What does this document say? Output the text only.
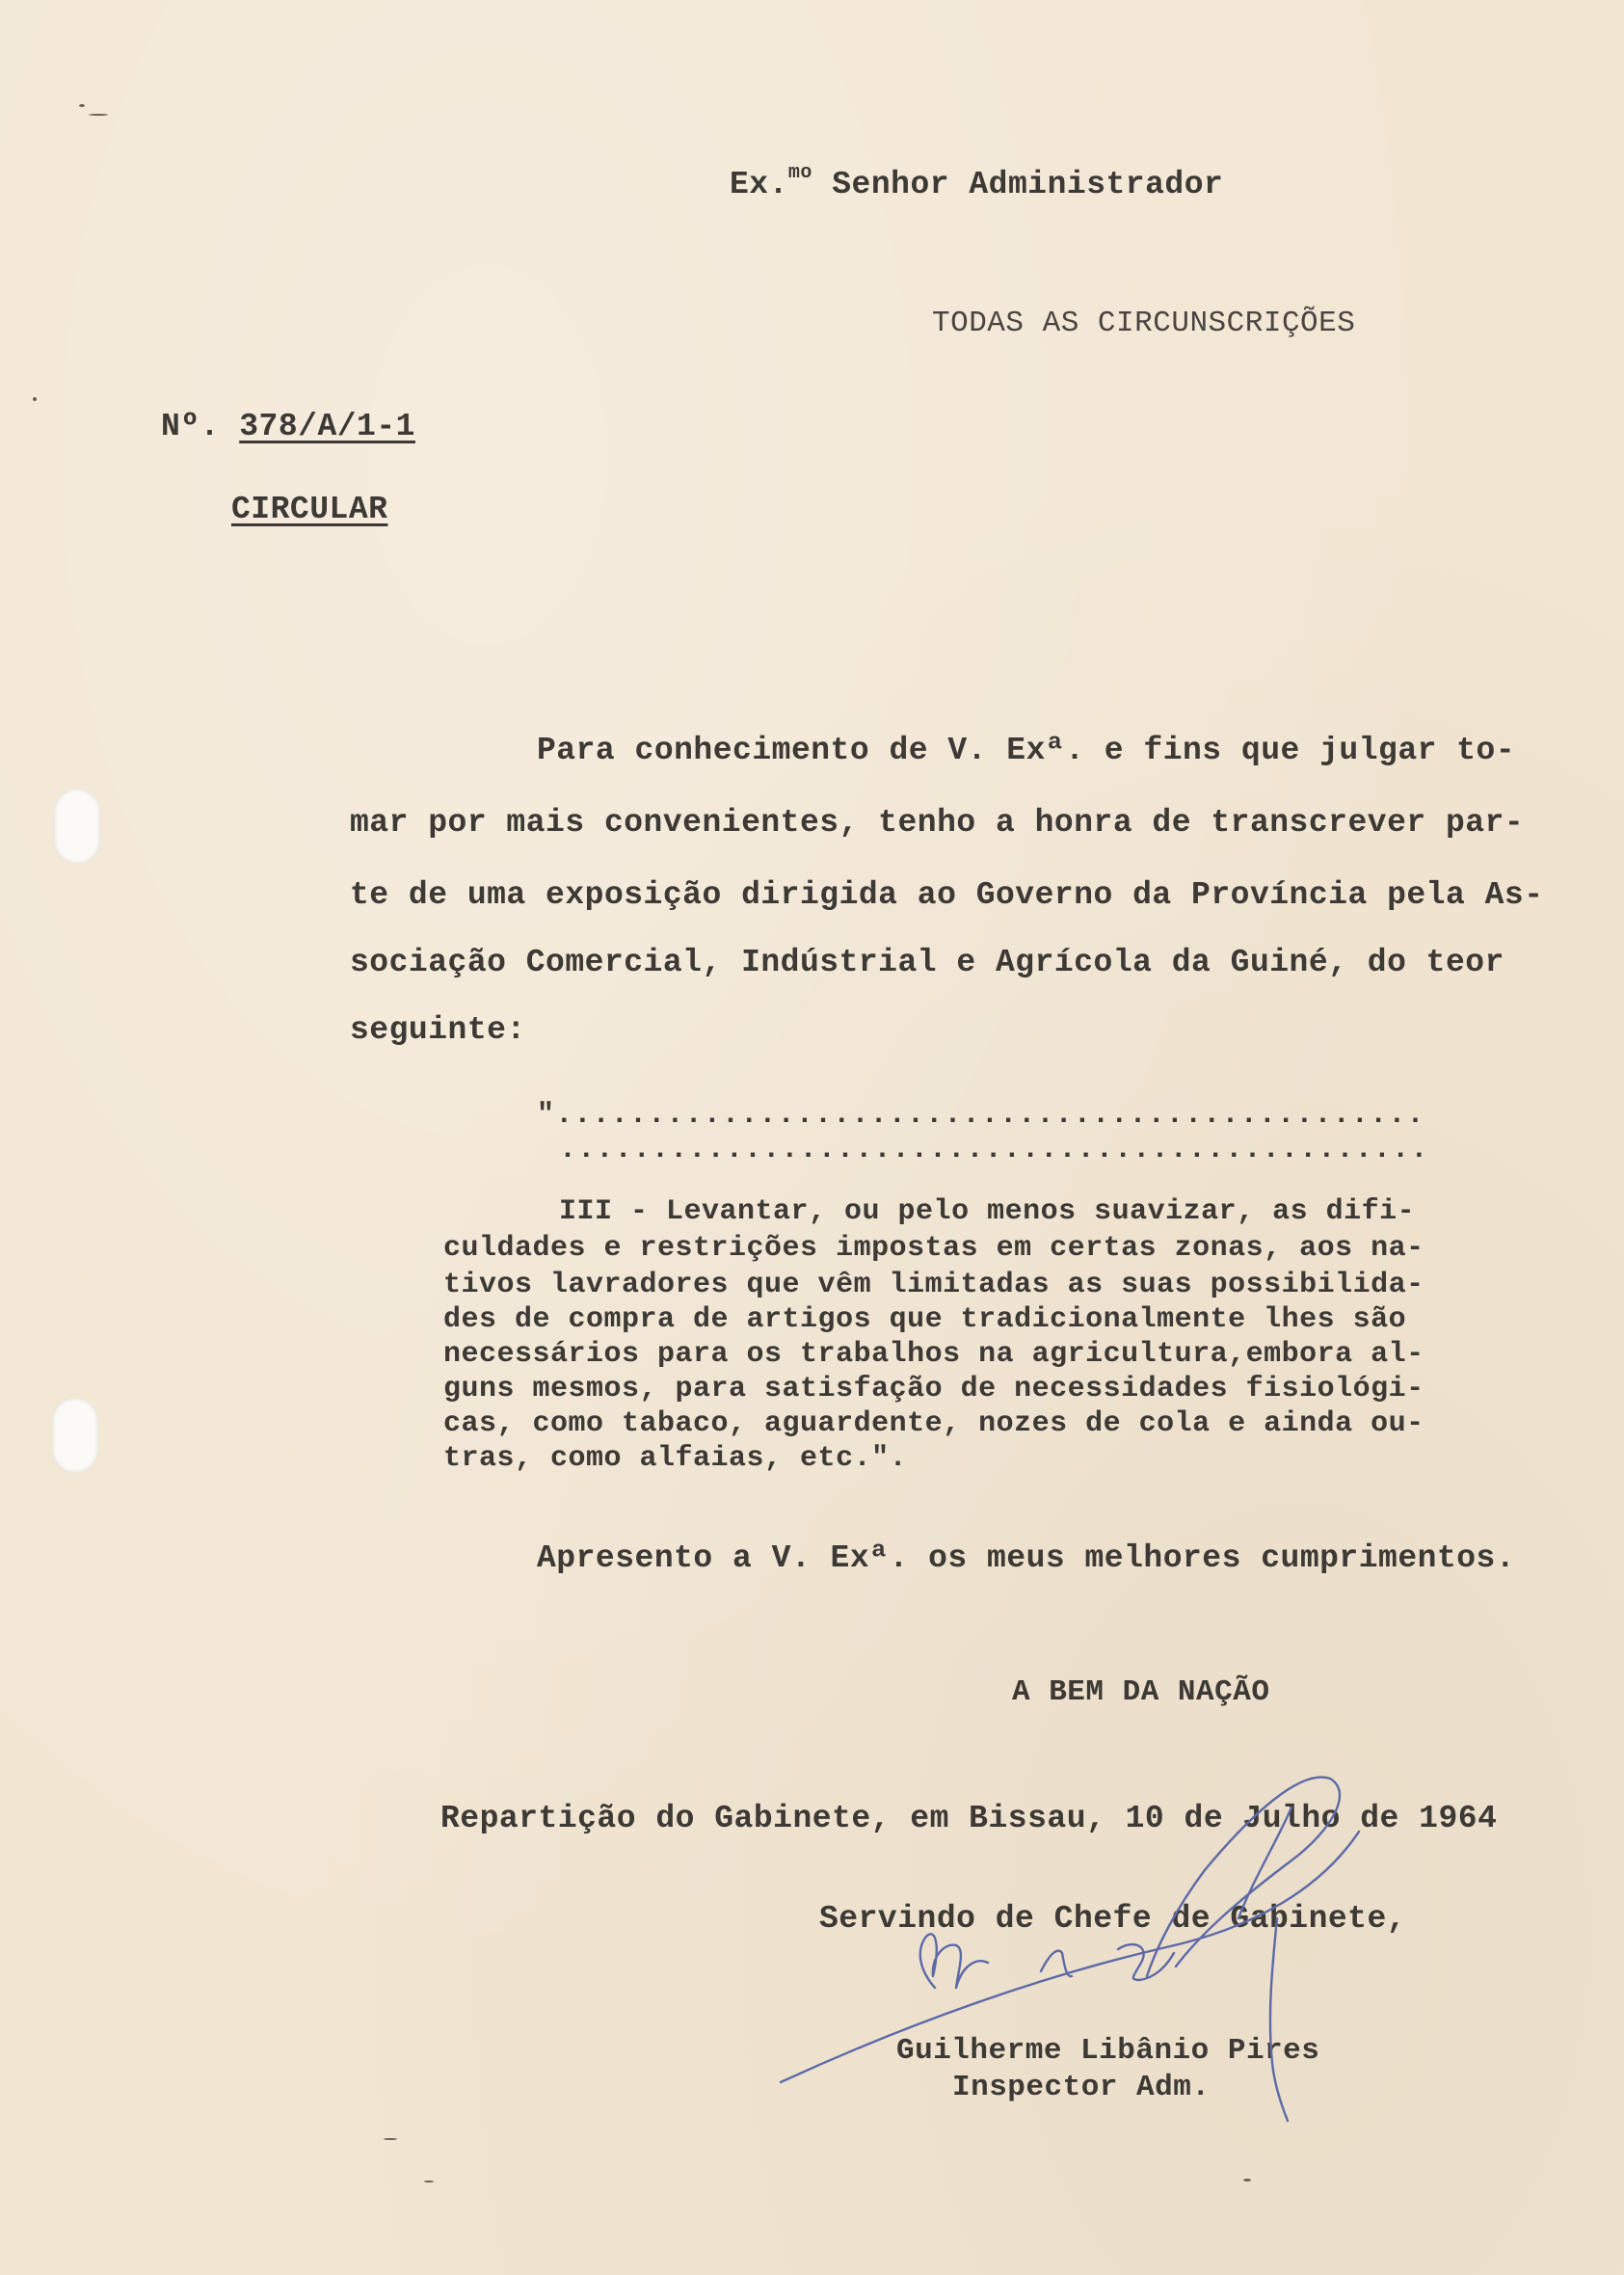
Ex.$^{mo}$ Senhor Administrador
TODAS AS CIRCUNSCRIÇÕES
Nº. 378/A/1-1
CIRCULAR
Para conhecimento de V. Exª. e fins que julgar to-
mar por mais convenientes, tenho a honra de transcrever par-
te de uma exposição dirigida ao Governo da Província pela As-
sociação Comercial, Indústrial e Agrícola da Guiné, do teor
seguinte:
"...............................................
...............................................
III - Levantar, ou pelo menos suavizar, as difi-
culdades e restrições impostas em certas zonas, aos na-
tivos lavradores que vêm limitadas as suas possibilida-
des de compra de artigos que tradicionalmente lhes são
necessários para os trabalhos na agricultura,embora al-
guns mesmos, para satisfação de necessidades fisiológi-
cas, como tabaco, aguardente, nozes de cola e ainda ou-
tras, como alfaias, etc.".
Apresento a V. Exª. os meus melhores cumprimentos.
A BEM DA NAÇÃO
Repartição do Gabinete, em Bissau, 10 de Julho de 1964
Servindo de Chefe de Gabinete,
Guilherme Libânio Pires
Inspector Adm.
